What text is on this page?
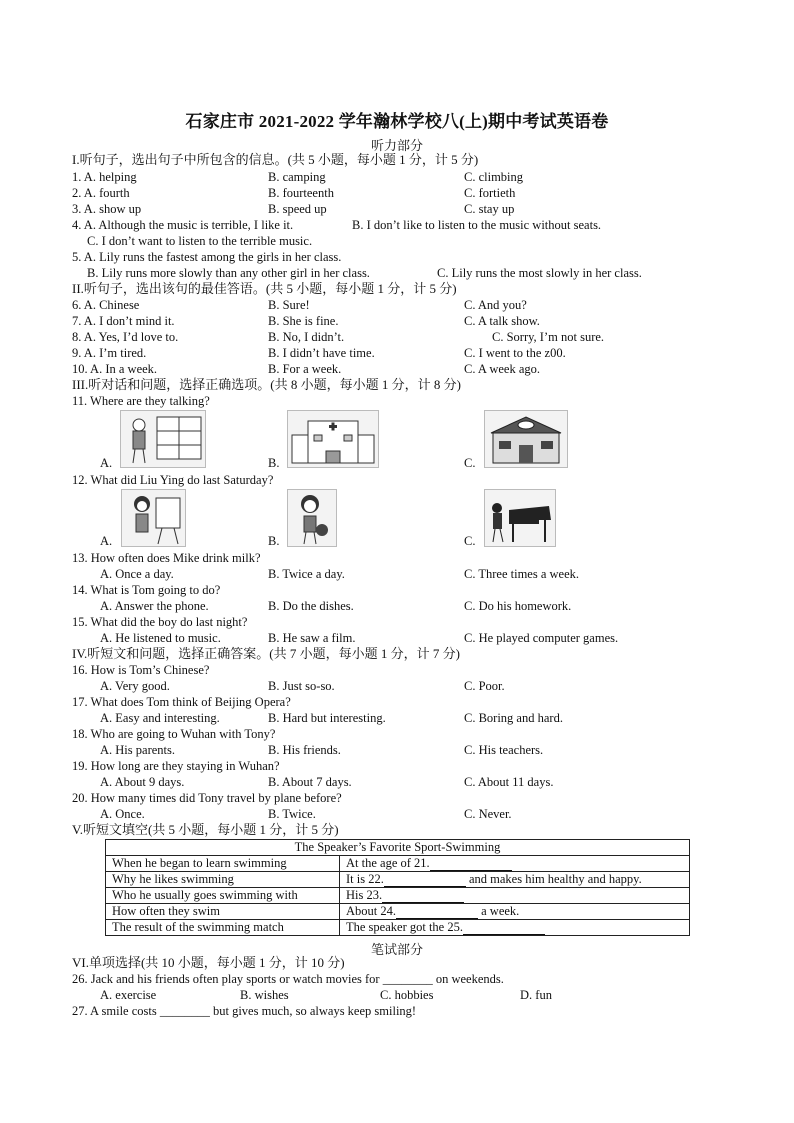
石家庄市 2021-2022 学年瀚林学校八(上)期中考试英语卷
听力部分
I.听句子，选出句子中所包含的信息。(共 5 小题，每小题 1 分，计 5 分)
1. A. helping	B. camping	C. climbing
2. A. fourth	B. fourteenth	C. fortieth
3. A. show up	B. speed up	C. stay up
4. A. Although the music is terrible, I like it.	B. I don’t like to listen to the music without seats.
C. I don’t want to listen to the terrible music.
5. A. Lily runs the fastest among the girls in her class.
B. Lily runs more slowly than any other girl in her class.	C. Lily runs the most slowly in her class.
II.听句子，选出该句的最佳答语。(共 5 小题，每小题 1 分，计 5 分)
6. A. Chinese	B. Sure!	C. And you?
7. A. I don’t mind it.	B. She is fine.	C. A talk show.
8. A. Yes, I’d love to.	B. No, I didn’t.	C. Sorry, I’m not sure.
9. A. I’m tired.	B. I didn’t have time.	C. I went to the z00.
10. A. In a week.	B. For a week.	C. A week ago.
III.听对话和问题，选择正确选项。(共 8 小题，每小题 1 分，计 8 分)
11. Where are they talking?
A.	B.	C.
12. What did Liu Ying do last Saturday?
A.	B.	C.
13. How often does Mike drink milk?
A. Once a day.	B. Twice a day.	C. Three times a week.
14. What is Tom going to do?
A. Answer the phone.	B. Do the dishes.	C. Do his homework.
15. What did the boy do last night?
A. He listened to music.	B. He saw a film.	C. He played computer games.
IV.听短文和问题，选择正确答案。(共 7 小题，每小题 1 分，计 7 分)
16. How is Tom’s Chinese?
A. Very good.	B. Just so-so.	C. Poor.
17. What does Tom think of Beijing Opera?
A. Easy and interesting.	B. Hard but interesting.	C. Boring and hard.
18. Who are going to Wuhan with Tony?
A. His parents.	B. His friends.	C. His teachers.
19. How long are they staying in Wuhan?
A. About 9 days.	B. About 7 days.	C. About 11 days.
20. How many times did Tony travel by plane before?
A. Once.	B. Twice.	C. Never.
V.听短文填空(共 5 小题，每小题 1 分，计 5 分)
The Speaker’s Favorite Sport-Swimming	
When he began to learn swimming	At the age of 21.
Why he likes swimming	It is 22. and makes him healthy and happy.
Who he usually goes swimming with	His 23.
How often they swim	About 24. a week.
The result of the swimming match	The speaker got the 25.
笔试部分
VI.单项选择(共 10 小题，每小题 1 分，计 10 分)
26. Jack and his friends often play sports or watch movies for ________ on weekends.
A. exercise	B. wishes	C. hobbies	D. fun
27. A smile costs ________ but gives much, so always keep smiling!
